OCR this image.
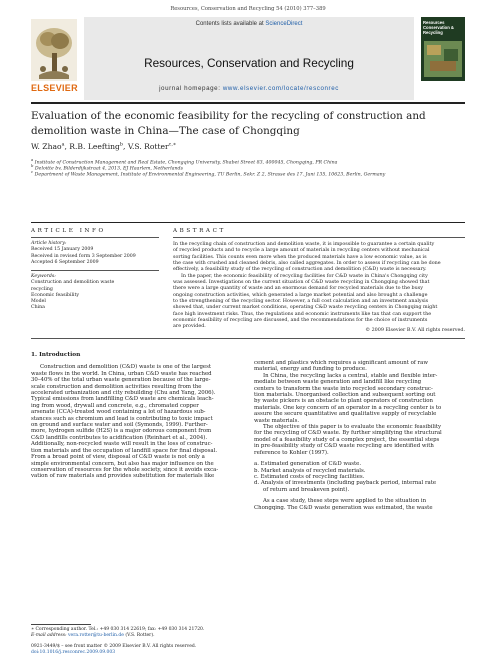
Resources, Conservation and Recycling 54 (2010) 377–389
ELSEVIER
Contents lists available at ScienceDirect
Resources, Conservation and Recycling
journal homepage: www.elsevier.com/locate/resconrec
Resources Conservation & Recycling
Evaluation of the economic feasibility for the recycling of construction and
demolition waste in China—The case of Chongqing
W. Zhao$^a$, R.B. Leefting$^b$, V.S. Rotter$^{c,∗}$
$^a$ Institute of Construction Management and Real Estate, Chongqing University, Shabei Street 83, 400045, Chongqing, PR China
$^b$ Deloitte bv, Bilderdijkstraat 4, 2013, EJ Haarlem, Netherlands
$^c$ Department of Waste Management, Institute of Environmental Engineering, TU Berlin, Sekr. Z 2, Strasse des 17. Juni 135, 10623, Berlin, Germany
ARTICLE INFO	ABSTRACT
Article history:
Received 15 January 2009
Received in revised form 3 September 2009
Accepted 6 September 2009
Keywords:
Construction and demolition waste
recycling
Economic feasibility
Model
China
In the recycling chain of construction and demolition waste, it is impossible to guarantee a certain quality
of recycled products and to recycle a large amount of materials in recycling centers without mechanical
sorting facilities. This counts even more when the produced materials have a low economic value, as is
the case with crushed and cleaned debris, also called aggregates. In order to assess if recycling can be done
effectively, a feasibility study of the recycling of construction and demolition (C&D) waste is necessary.
In the paper, the economic feasibility of recycling facilities for C&D waste in China's Chongqing city
was assessed. Investigations on the current situation of C&D waste recycling in Chongqing showed that
there were a large quantity of waste and an enormous demand for recycled materials due to the busy
ongoing construction activities, which generated a large market potential and also brought a challenge
to the strengthening of the recycling sector. However, a full cost calculation and an investment analysis
showed that, under current market conditions, operating C&D waste recycling centers in Chongqing might
face high investment risks. Thus, the regulations and economic instruments like tax that can support the
economic feasibility of recycling are discussed, and the recommendations for the choice of instruments
are provided.
© 2009 Elsevier B.V. All rights reserved.
1. Introduction
Construction and demolition (C&D) waste is one of the largest
waste flows in the world. In China, urban C&D waste has reached
30–40% of the total urban waste generation because of the large-
scale construction and demolition activities resulting from the
accelerated urbanization and city rebuilding (Chu and Yang, 2006).
Typical emissions from landfilling C&D waste are chemicals leach-
ing from wood, drywall and concrete, e.g., chromated copper
arsenate (CCA)-treated wood containing a lot of hazardous sub-
stances such as chromium and lead is contributing to toxic impact
on ground and surface water and soil (Symonds, 1999). Further-
more, hydrogen sulfide (H2S) is a major odorous component from
C&D landfills contributes to acidification (Reinhart et al., 2004).
Additionally, non-recycled waste will result in the loss of construc-
tion materials and the occupation of landfill space for final disposal.
From a broad point of view, disposal of C&D waste is not only a
simple environmental concern, but also has major influence on the
conservation of resources for the whole society, since it avoids exca-
vation of raw materials and provides substitution for materials like
cement and plastics which requires a significant amount of raw
material, energy and funding to produce.
In China, the recycling lacks a central, stable and flexible inter-
mediate between waste generation and landfill like recycling
centers to transform the waste into recycled secondary construc-
tion materials. Unorganised collection and subsequent sorting out
by waste pickers is an obstacle to plant operators of construction
materials. One key concern of an operator in a recycling center is to
assure the secure quantitative and qualitative supply of recyclable
waste materials.
The objective of this paper is to evaluate the economic feasibility
for the recycling of C&D waste. By further simplifying the structural
model of a feasibility study of a complex project, the essential steps
in pre-feasibility study of C&D waste recycling are identified with
reference to Kohler (1997).
a. Estimated generation of C&D waste.
b. Market analysis of recycled materials.
c. Estimated costs of recycling facilities.
d. Analysis of investments (including payback period, internal rate
of return and breakeven point).
As a case study, these steps were applied to the situation in
Chongqing. The C&D waste generation was estimated, the waste
∗ Corresponding author. Tel.: +49 030 314 22619; fax: +49 030 314 21720.
E-mail address: vera.rotter@tu-berlin.de (V.S. Rotter).
0921-3449/$ – see front matter © 2009 Elsevier B.V. All rights reserved.
doi:10.1016/j.resconrec.2009.09.003
